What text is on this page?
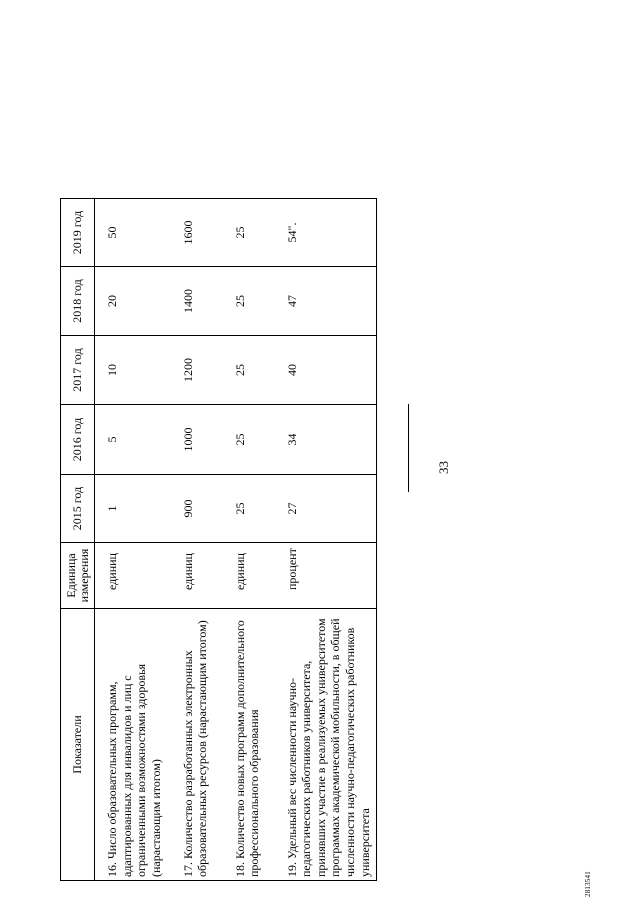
2813541
33
Показатели	Единица измерения	2015 год	2016 год	2017 год	2018 год	2019 год
16. Число образовательных программ, адаптированных для инвалидов и лиц с ограниченными возможностями здоровья (нарастающим итогом)	единиц	1	5	10	20	50
17. Количество разработанных электронных образовательных ресурсов (нарастающим итогом)	единиц	900	1000	1200	1400	1600
18. Количество новых программ дополнительного профессионального образования	единиц	25	25	25	25	25
19. Удельный вес численности научно-педагогических работников университета, принявших участие в реализуемых университетом программах академической мобильности, в общей численности научно-педагогических работников университета	процент	27	34	40	47	54".
